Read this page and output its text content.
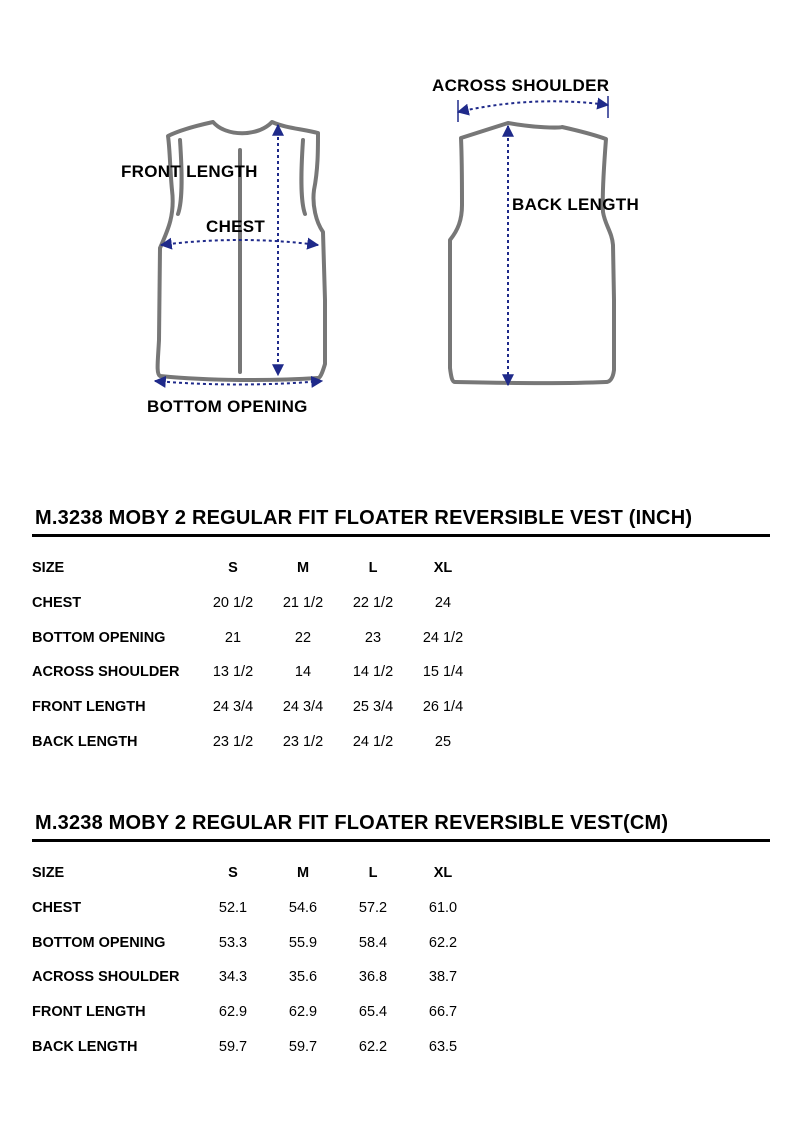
FRONT LENGTH
CHEST
BOTTOM OPENING
ACROSS SHOULDER
BACK LENGTH
M.3238 MOBY 2 REGULAR FIT FLOATER REVERSIBLE VEST (INCH)
SIZE	S	M	L	XL
CHEST	20 1/2	21 1/2	22 1/2	24
BOTTOM OPENING	21	22	23	24 1/2
ACROSS SHOULDER	13 1/2	14	14 1/2	15 1/4
FRONT LENGTH	24 3/4	24 3/4	25 3/4	26 1/4
BACK LENGTH	23 1/2	23 1/2	24 1/2	25
M.3238 MOBY 2 REGULAR FIT FLOATER REVERSIBLE VEST(CM)
SIZE	S	M	L	XL
CHEST	52.1	54.6	57.2	61.0
BOTTOM OPENING	53.3	55.9	58.4	62.2
ACROSS SHOULDER	34.3	35.6	36.8	38.7
FRONT LENGTH	62.9	62.9	65.4	66.7
BACK LENGTH	59.7	59.7	62.2	63.5
